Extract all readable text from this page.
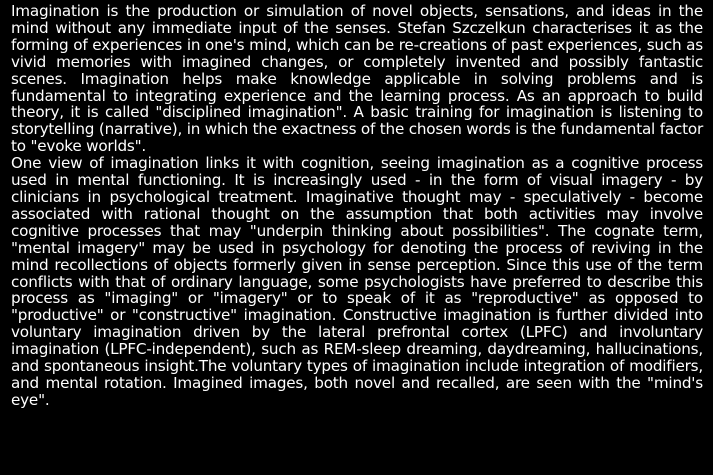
Imagination is the production or simulation of novel objects, sensations, and ideas in the mind without any immediate input of the senses. Stefan Szczelkun characterises it as the forming of experiences in one's mind, which can be re-creations of past experiences, such as vivid memories with imagined changes, or completely invented and possibly fantastic scenes. Imagination helps make knowledge applicable in solving problems and is fundamental to integrating experience and the learning process. As an approach to build theory, it is called "disciplined imagination". A basic training for imagination is listening to storytelling (narrative), in which the exactness of the chosen words is the fundamental factor to "evoke worlds".

One view of imagination links it with cognition, seeing imagination as a cognitive process used in mental functioning. It is increasingly used - in the form of visual imagery - by clinicians in psychological treatment. Imaginative thought may - speculatively - become associated with rational thought on the assumption that both activities may involve cognitive processes that may "underpin thinking about possibilities". The cognate term, "mental imagery" may be used in psychology for denoting the process of reviving in the mind recollections of objects formerly given in sense perception. Since this use of the term conflicts with that of ordinary language, some psychologists have preferred to describe this process as "imaging" or "imagery" or to speak of it as "reproductive" as opposed to "productive" or "constructive" imagination. Constructive imagination is further divided into voluntary imagination driven by the lateral prefrontal cortex (LPFC) and involuntary imagination (LPFC-independent), such as REM-sleep dreaming, daydreaming, hallucinations, and spontaneous insight.The voluntary types of imagination include integration of modifiers, and mental rotation. Imagined images, both novel and recalled, are seen with the "mind's eye".
